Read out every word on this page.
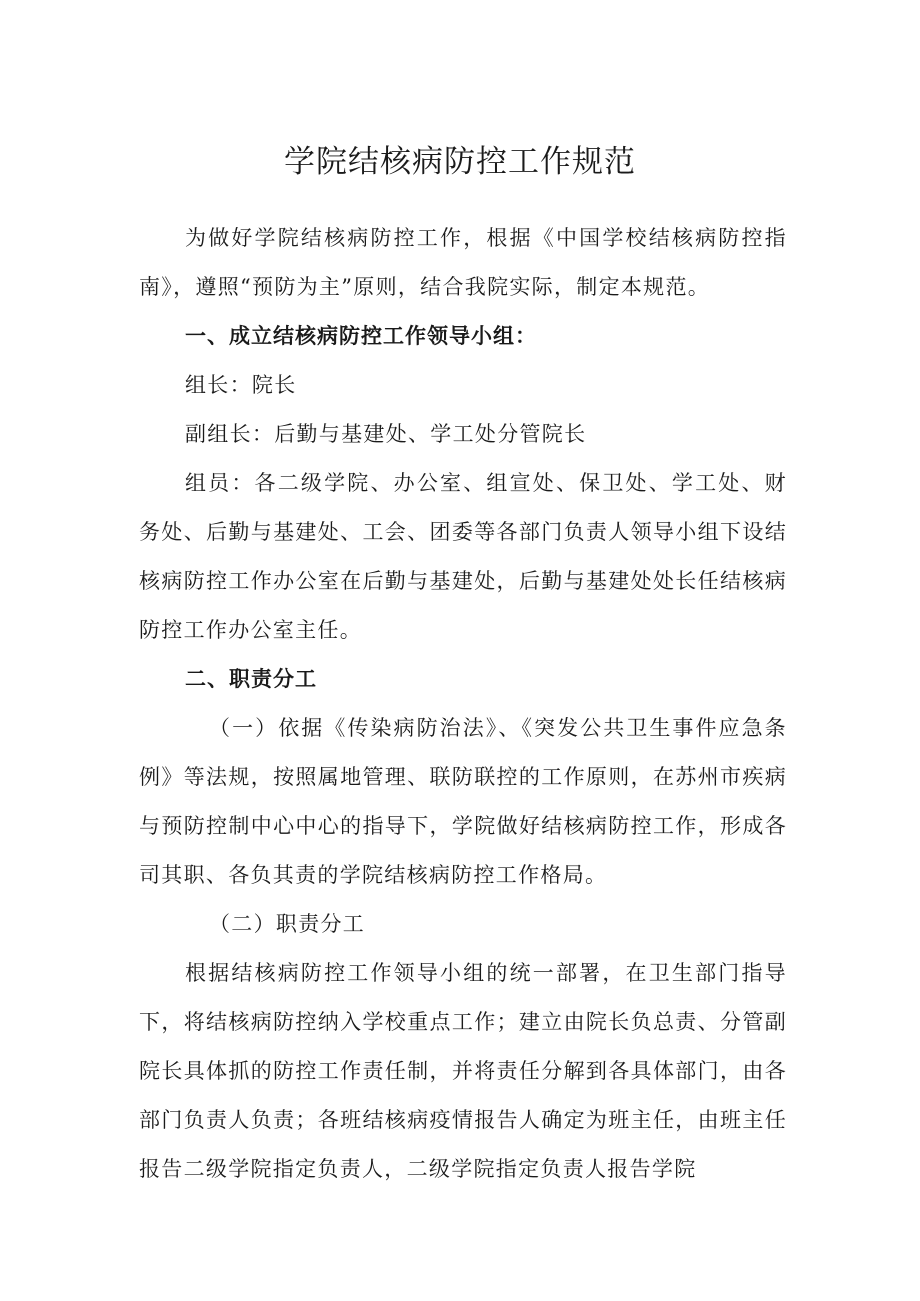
学院结核病防控工作规范

为做好学院结核病防控工作，根据《中国学校结核病防控指南》，遵照“预防为主”原则，结合我院实际，制定本规范。

一、成立结核病防控工作领导小组：

组长：院长

副组长：后勤与基建处、学工处分管院长

组员：各二级学院、办公室、组宣处、保卫处、学工处、财务处、后勤与基建处、工会、团委等各部门负责人领导小组下设结核病防控工作办公室在后勤与基建处，后勤与基建处处长任结核病防控工作办公室主任。

二、职责分工

（一）依据《传染病防治法》、《突发公共卫生事件应急条例》等法规，按照属地管理、联防联控的工作原则，在苏州市疾病与预防控制中心中心的指导下，学院做好结核病防控工作，形成各司其职、各负其责的学院结核病防控工作格局。

（二）职责分工

根据结核病防控工作领导小组的统一部署，在卫生部门指导下，将结核病防控纳入学校重点工作；建立由院长负总责、分管副院长具体抓的防控工作责任制，并将责任分解到各具体部门，由各部门负责人负责；各班结核病疫情报告人确定为班主任，由班主任报告二级学院指定负责人，二级学院指定负责人报告学院
